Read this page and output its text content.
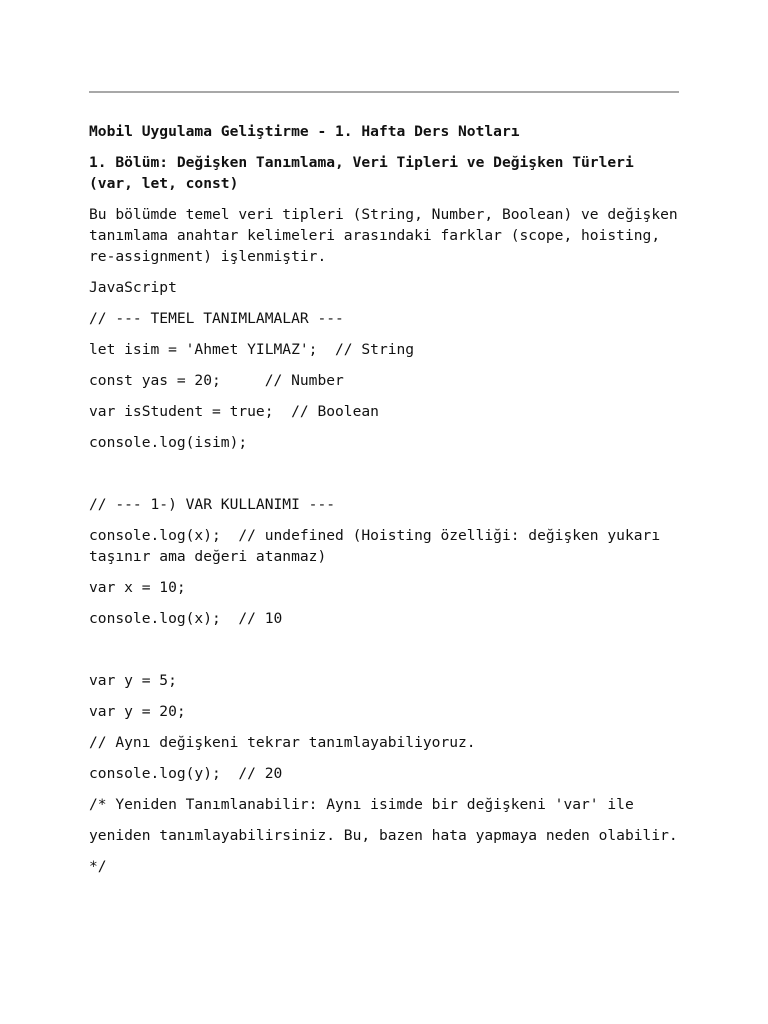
Mobil Uygulama Geliştirme - 1. Hafta Ders Notları
1. Bölüm: Değişken Tanımlama, Veri Tipleri ve Değişken Türleri (var, let, const)
Bu bölümde temel veri tipleri (String, Number, Boolean) ve değişken tanımlama anahtar kelimeleri arasındaki farklar (scope, hoisting, re-assignment) işlenmiştir.
JavaScript
// --- TEMEL TANIMLAMALAR ---
let isim = 'Ahmet YILMAZ';  // String
const yas = 20;     // Number
var isStudent = true;  // Boolean
console.log(isim);
// --- 1-) VAR KULLANIMI ---
console.log(x);  // undefined (Hoisting özelliği: değişken yukarı taşınır ama değeri atanmaz)
var x = 10;
console.log(x);  // 10
var y = 5;
var y = 20;
// Aynı değişkeni tekrar tanımlayabiliyoruz.
console.log(y);  // 20
/* Yeniden Tanımlanabilir: Aynı isimde bir değişkeni 'var' ile
yeniden tanımlayabilirsiniz. Bu, bazen hata yapmaya neden olabilir.
*/
